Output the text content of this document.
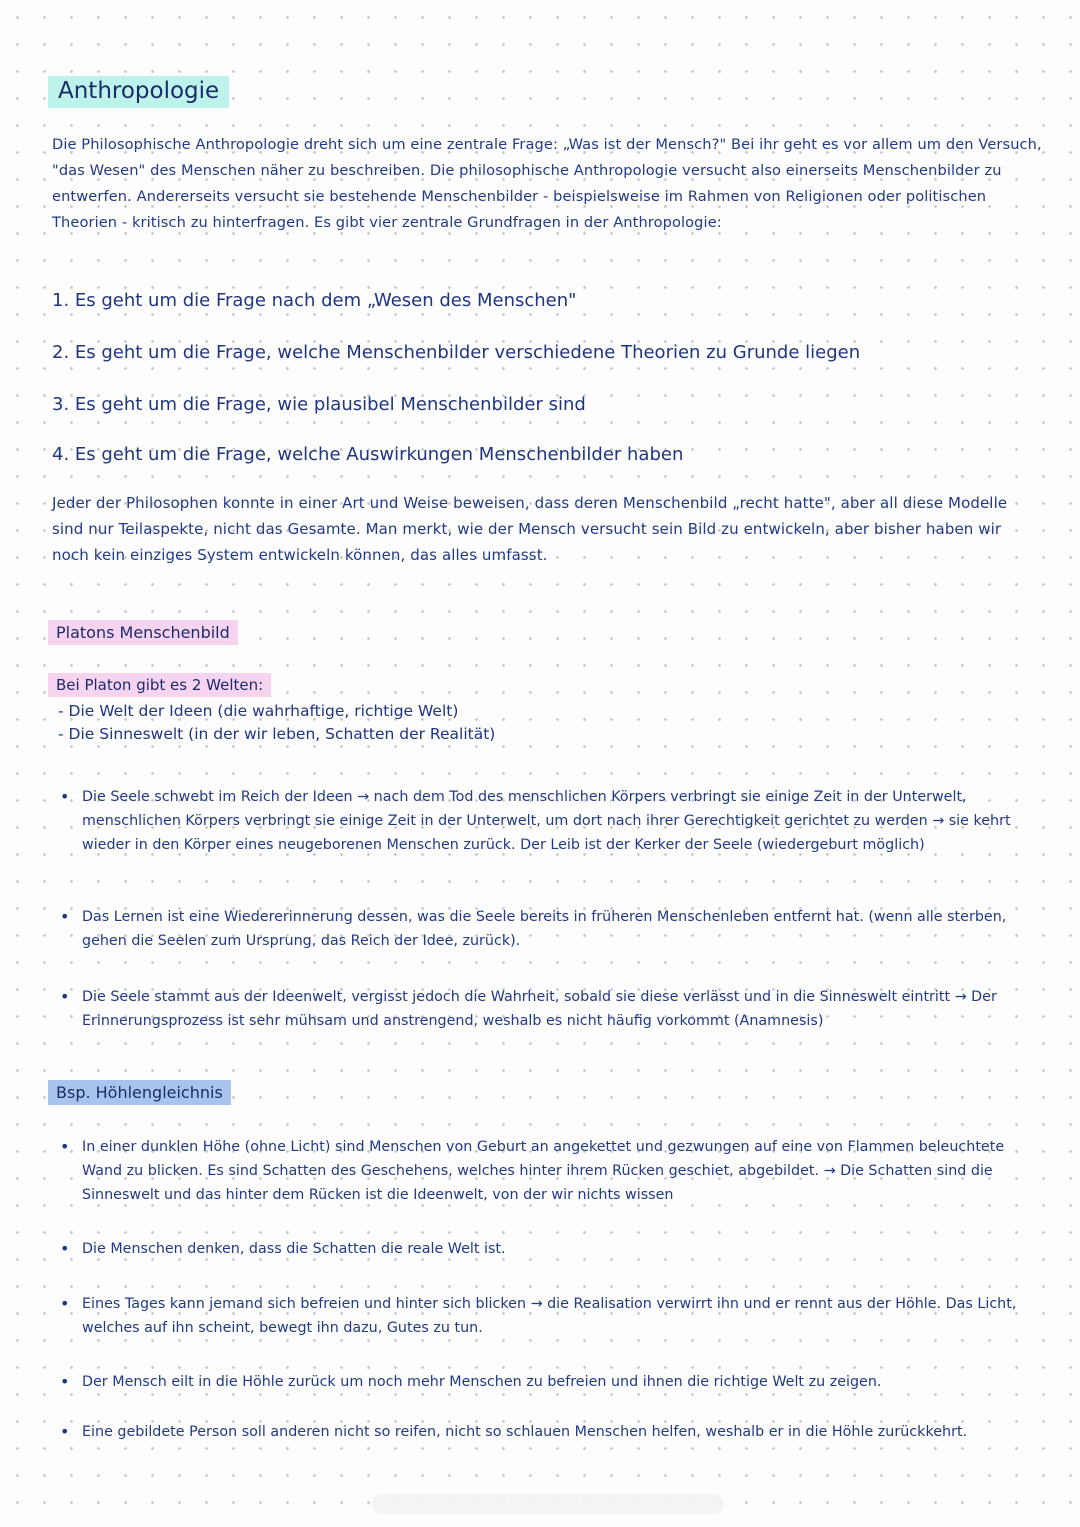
Anthropologie
Die Philosophische Anthropologie dreht sich um eine zentrale Frage: „Was ist der Mensch?" Bei ihr geht es vor allem um den Versuch, "das Wesen" des Menschen näher zu beschreiben. Die philosophische Anthropologie versucht also einerseits Menschenbilder zu entwerfen. Andererseits versucht sie bestehende Menschenbilder - beispielsweise im Rahmen von Religionen oder politischen Theorien - kritisch zu hinterfragen. Es gibt vier zentrale Grundfragen in der Anthropologie:
1. Es geht um die Frage nach dem „Wesen des Menschen"
2. Es geht um die Frage, welche Menschenbilder verschiedene Theorien zu Grunde liegen
3. Es geht um die Frage, wie plausibel Menschenbilder sind
4. Es geht um die Frage, welche Auswirkungen Menschenbilder haben
Jeder der Philosophen konnte in einer Art und Weise beweisen, dass deren Menschenbild „recht hatte", aber all diese Modelle sind nur Teilaspekte, nicht das Gesamte. Man merkt, wie der Mensch versucht sein Bild zu entwickeln, aber bisher haben wir noch kein einziges System entwickeln können, das alles umfasst.
Platons Menschenbild
Bei Platon gibt es 2 Welten:
- Die Welt der Ideen (die wahrhaftige, richtige Welt)
- Die Sinneswelt (in der wir leben, Schatten der Realität)
• Die Seele schwebt im Reich der Ideen → nach dem Tod des menschlichen Körpers verbringt sie einige Zeit in der Unterwelt, menschlichen Körpers verbringt sie einige Zeit in der Unterwelt, um dort nach ihrer Gerechtigkeit gerichtet zu werden → sie kehrt wieder in den Körper eines neugeborenen Menschen zurück. Der Leib ist der Kerker der Seele (wiedergeburt möglich)
• Das Lernen ist eine Wiedererinnerung dessen, was die Seele bereits in früheren Menschenleben entfernt hat. (wenn alle sterben, gehen die Seelen zum Ursprung, das Reich der Idee, zurück).
• Die Seele stammt aus der Ideenwelt, vergisst jedoch die Wahrheit, sobald sie diese verlässt und in die Sinneswelt eintritt → Der Erinnerungsprozess ist sehr mühsam und anstrengend, weshalb es nicht häufig vorkommt (Anamnesis)
Bsp. Höhlengleichnis
• In einer dunklen Höhe (ohne Licht) sind Menschen von Geburt an angekettet und gezwungen auf eine von Flammen beleuchtete Wand zu blicken. Es sind Schatten des Geschehens, welches hinter ihrem Rücken geschiet, abgebildet. → Die Schatten sind die Sinneswelt und das hinter dem Rücken ist die Ideenwelt, von der wir nichts wissen
• Die Menschen denken, dass die Schatten die reale Welt ist.
• Eines Tages kann jemand sich befreien und hinter sich blicken → die Realisation verwirrt ihn und er rennt aus der Höhle. Das Licht, welches auf ihn scheint, bewegt ihn dazu, Gutes zu tun.
• Der Mensch eilt in die Höhle zurück um noch mehr Menschen zu befreien und ihnen die richtige Welt zu zeigen.
• Eine gebildete Person soll anderen nicht so reifen, nicht so schlauen Menschen helfen, weshalb er in die Höhle zurückkehrt.
